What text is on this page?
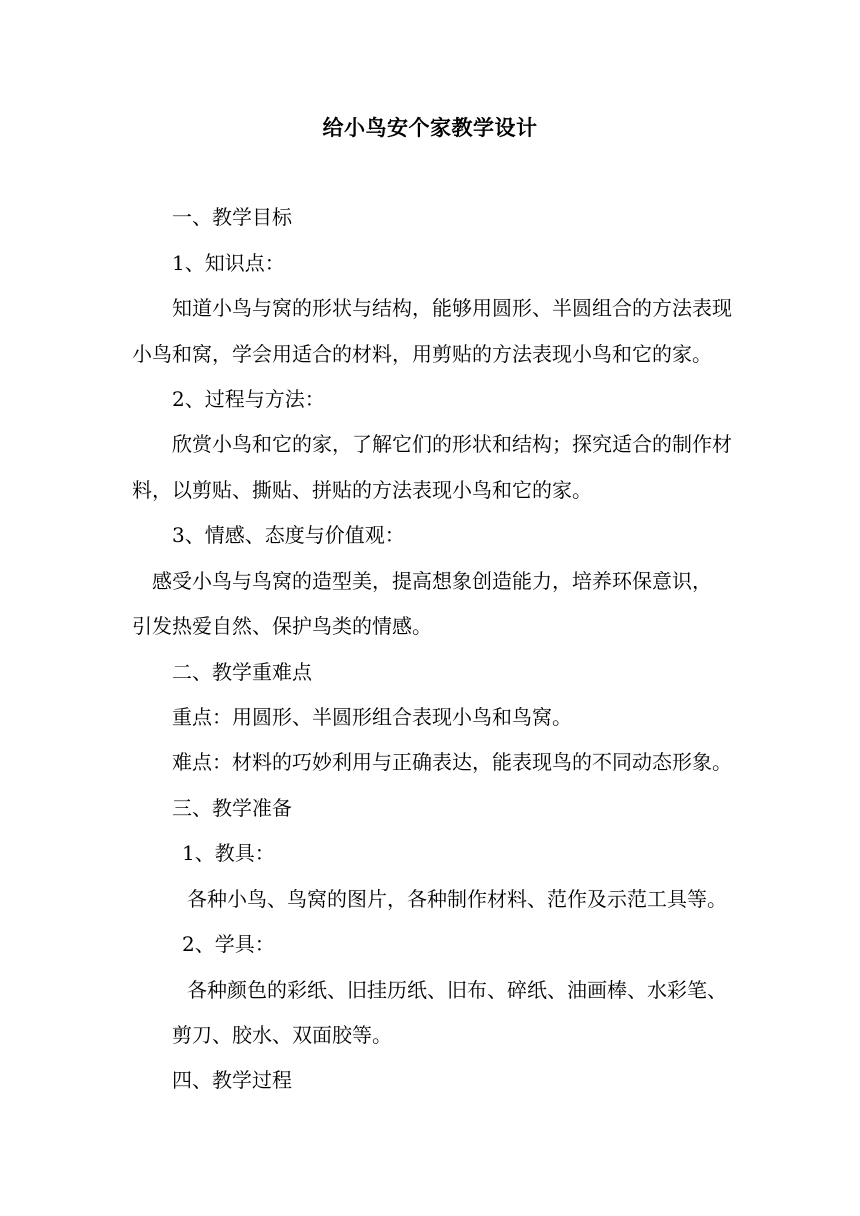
给小鸟安个家教学设计
一、教学目标
1、知识点：
知道小鸟与窝的形状与结构，能够用圆形、半圆组合的方法表现
小鸟和窝，学会用适合的材料，用剪贴的方法表现小鸟和它的家。
2、过程与方法：
欣赏小鸟和它的家，了解它们的形状和结构；探究适合的制作材
料，以剪贴、撕贴、拼贴的方法表现小鸟和它的家。
3、情感、态度与价值观：
感受小鸟与鸟窝的造型美，提高想象创造能力，培养环保意识，
引发热爱自然、保护鸟类的情感。
二、教学重难点
重点：用圆形、半圆形组合表现小鸟和鸟窝。
难点：材料的巧妙利用与正确表达，能表现鸟的不同动态形象。
三、教学准备
1、教具：
各种小鸟、鸟窝的图片，各种制作材料、范作及示范工具等。
2、学具：
各种颜色的彩纸、旧挂历纸、旧布、碎纸、油画棒、水彩笔、
剪刀、胶水、双面胶等。
四、教学过程
